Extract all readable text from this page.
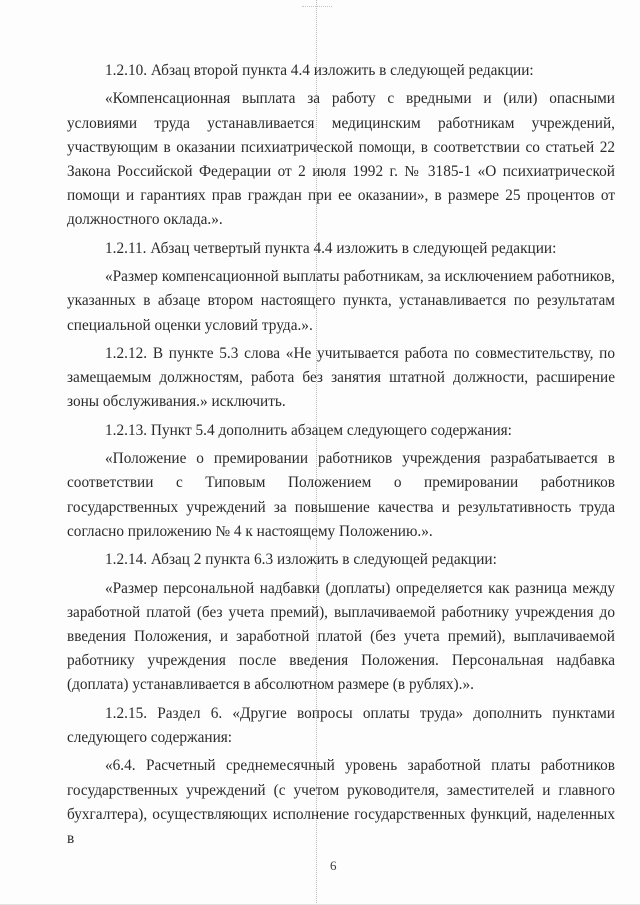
1.2.10. Абзац второй пункта 4.4 изложить в следующей редакции:

«Компенсационная выплата за работу с вредными и (или) опасными условиями труда устанавливается медицинским работникам учреждений, участвующим в оказании психиатрической помощи, в соответствии со статьей 22 Закона Российской Федерации от 2 июля 1992 г. № 3185-1 «О психиатрической помощи и гарантиях прав граждан при ее оказании», в размере 25 процентов от должностного оклада.».

1.2.11. Абзац четвертый пункта 4.4 изложить в следующей редакции:

«Размер компенсационной выплаты работникам, за исключением работников, указанных в абзаце втором настоящего пункта, устанавливается по результатам специальной оценки условий труда.».

1.2.12. В пункте 5.3 слова «Не учитывается работа по совместительству, по замещаемым должностям, работа без занятия штатной должности, расширение зоны обслуживания.» исключить.

1.2.13. Пункт 5.4 дополнить абзацем следующего содержания:

«Положение о премировании работников учреждения разрабатывается в соответствии с Типовым Положением о премировании работников государственных учреждений за повышение качества и результативность труда согласно приложению № 4 к настоящему Положению.».

1.2.14. Абзац 2 пункта 6.3 изложить в следующей редакции:

«Размер персональной надбавки (доплаты) определяется как разница между заработной платой (без учета премий), выплачиваемой работнику учреждения до введения Положения, и заработной платой (без учета премий), выплачиваемой работнику учреждения после введения Положения. Персональная надбавка (доплата) устанавливается в абсолютном размере (в рублях).».

1.2.15. Раздел 6. «Другие вопросы оплаты труда» дополнить пунктами следующего содержания:

«6.4. Расчетный среднемесячный уровень заработной платы работников государственных учреждений (с учетом руководителя, заместителей и главного бухгалтера), осуществляющих исполнение государственных функций, наделенных в

6
